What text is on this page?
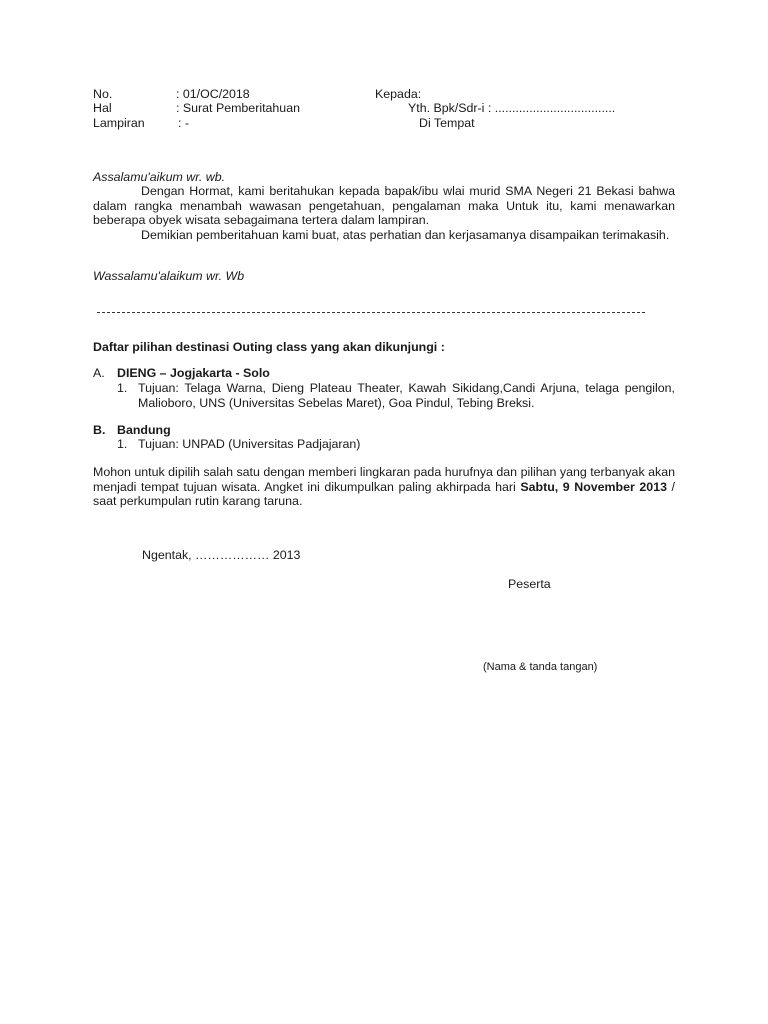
No.	: 01/OC/2018	Kepada:
Hal	: Surat Pemberitahuan	Yth. Bpk/Sdr-i : ...................................
Lampiran	: -	Di Tempat
Assalamu'aikum wr. wb.

Dengan Hormat, kami beritahukan kepada bapak/ibu wlai murid SMA Negeri 21 Bekasi bahwa dalam rangka menambah wawasan pengetahuan, pengalaman maka Untuk itu, kami menawarkan beberapa obyek wisata sebagaimana tertera dalam lampiran.

Demikian pemberitahuan kami buat, atas perhatian dan kerjasamanya disampaikan terimakasih.

Wassalamu'alaikum wr. Wb
Daftar pilihan destinasi Outing class yang akan dikunjungi :
A. DIENG – Jogjakarta - Solo
1. Tujuan: Telaga Warna, Dieng Plateau Theater, Kawah Sikidang,Candi Arjuna, telaga pengilon, Malioboro, UNS (Universitas Sebelas Maret), Goa Pindul, Tebing Breksi.
B. Bandung
1. Tujuan: UNPAD (Universitas Padjajaran)
Mohon untuk dipilih salah satu dengan memberi lingkaran pada hurufnya dan pilihan yang terbanyak akan menjadi tempat tujuan wisata. Angket ini dikumpulkan paling akhirpada hari Sabtu, 9 November 2013 / saat perkumpulan rutin karang taruna.
Ngentak, ……………… 2013
Peserta
(Nama & tanda tangan)
